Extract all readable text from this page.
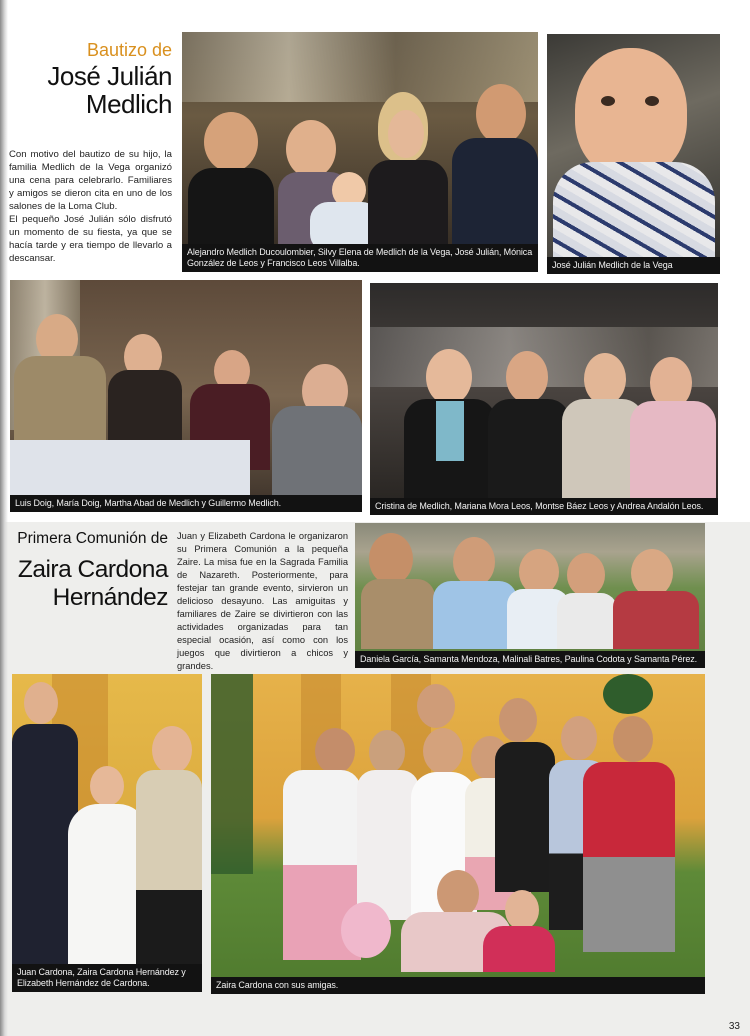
Bautizo de
José Julián
Medlich
Con motivo del bautizo de su hijo, la familia Medlich de la Vega organizó una cena para celebrarlo. Familiares y amigos se dieron cita en uno de los salones de la Loma Club.
El pequeño José Julián sólo disfrutó un momento de su fiesta, ya que se hacía tarde y era tiempo de llevarlo a descansar.
Alejandro Medlich Ducoulombier, Silvy Elena de Medlich de la Vega, José Julián, Mónica González de Leos y Francisco Leos Villalba.	José Julián Medlich de la Vega
Luis Doig, María Doig, Martha Abad de Medlich y Guillermo Medlich.	Cristina de Medlich, Mariana Mora Leos, Montse Báez Leos y Andrea Andalón Leos.
Primera Comunión de
Zaira Cardona
Hernández
Juan y Elizabeth Cardona le organizaron su Primera Comunión a la pequeña Zaire. La misa fue en la Sagrada Familia de Nazareth. Posteriormente, para festejar tan grande evento, sirvieron un delicioso desayuno. Las amiguitas y familiares de Zaire se divirtieron con las actividades organizadas para tan especial ocasión, así como con los juegos que divirtieron a chicos y grandes.
Daniela García, Samanta Mendoza, Malinali Batres, Paulina Codota y Samanta Pérez.
Juan Cardona, Zaira Cardona Hernández y Elizabeth Hernández de Cardona.	Zaira Cardona con sus amigas.
33
